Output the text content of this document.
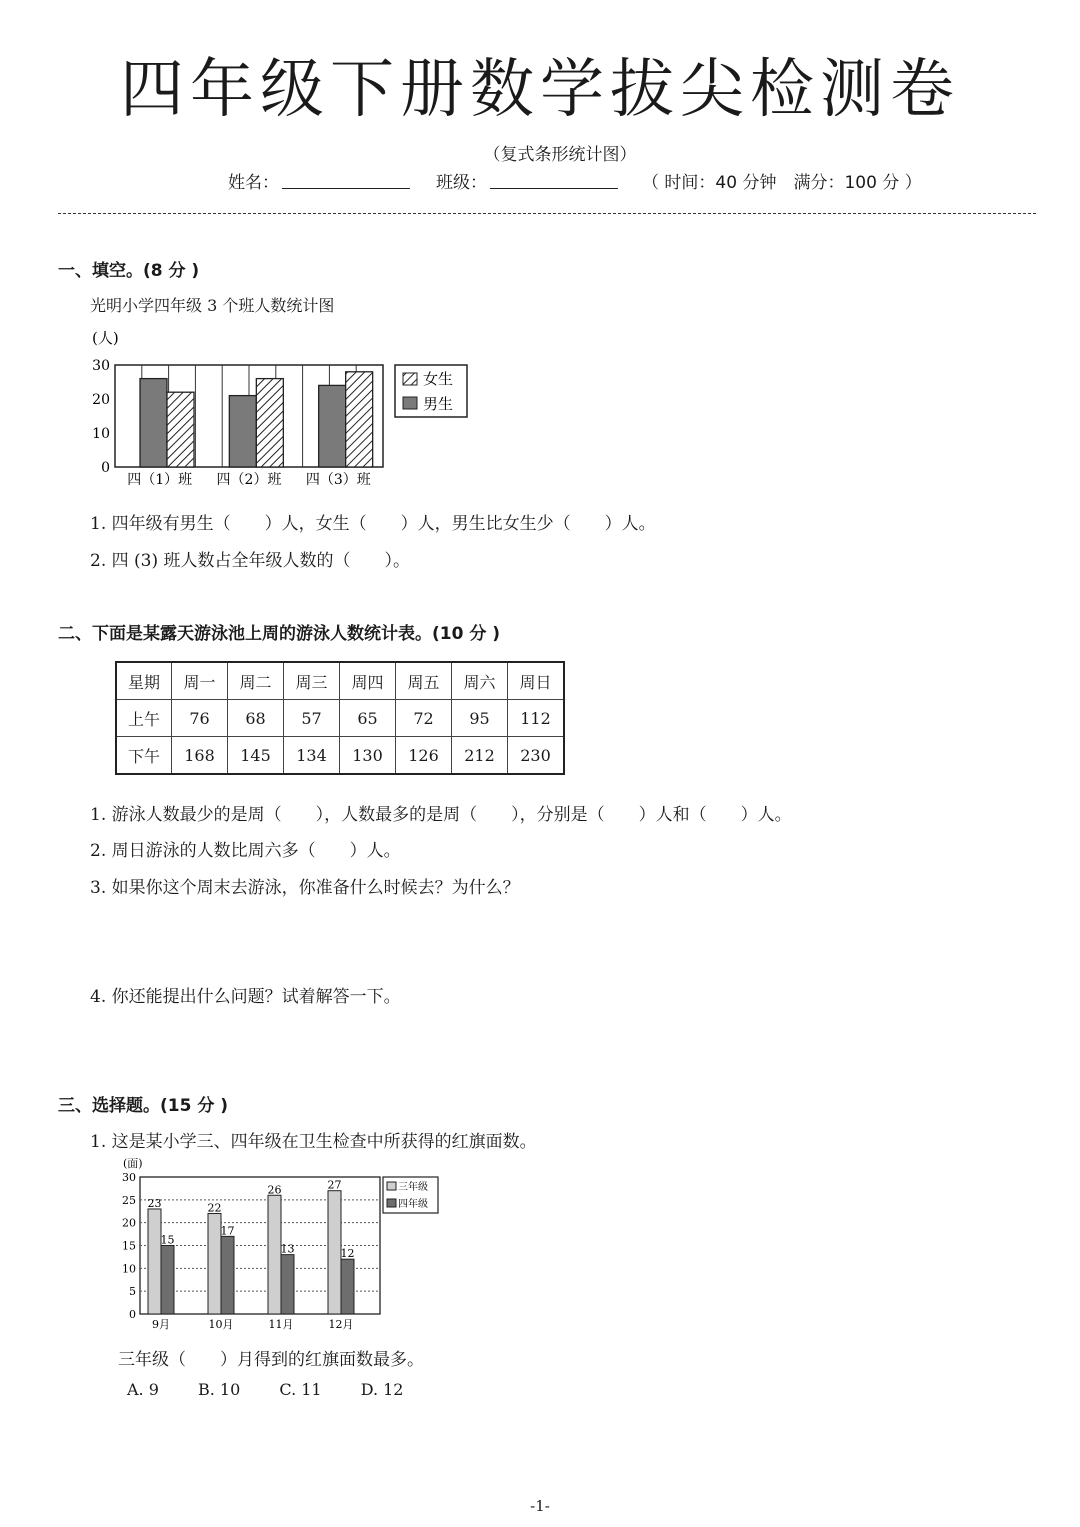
四年级下册数学拔尖检测卷
（复式条形统计图）
姓名：	班级：	（ 时间：40 分钟　满分：100 分 ）
一、填空。(8 分 )
光明小学四年级 3 个班人数统计图
(人)
0
10
20
30
四（1）班 四（2）班 四（3）班
女生
男生
1. 四年级有男生（　　）人，女生（　　）人，男生比女生少（　　）人。
2. 四 (3) 班人数占全年级人数的（　　）。
二、下面是某露天游泳池上周的游泳人数统计表。(10 分 )
星期	周一	周二	周三	周四	周五	周六	周日
上午	76	68	57	65	72	95	112
下午	168	145	134	130	126	212	230
1. 游泳人数最少的是周（　　），人数最多的是周（　　），分别是（　　）人和（　　）人。
2. 周日游泳的人数比周六多（　　）人。
3. 如果你这个周末去游泳，你准备什么时候去？为什么？
4. 你还能提出什么问题？试着解答一下。
三、选择题。(15 分 )
1. 这是某小学三、四年级在卫生检查中所获得的红旗面数。
(面)
0
5
10
15
20
25
30
23
15
9月
22
17
10月
26
13
11月
27
12
12月
三年级
四年级
三年级（　　）月得到的红旗面数最多。
A. 9 B. 10 C. 11 D. 12
-1-
